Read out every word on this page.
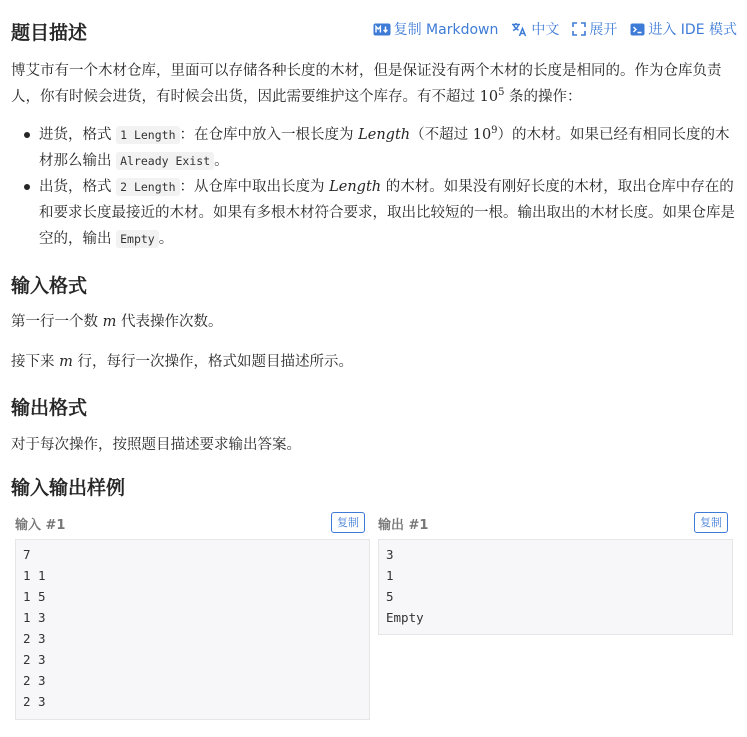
题目描述	复制 Markdown 中文 展开 进入 IDE 模式

博艾市有一个木材仓库，里面可以存储各种长度的木材，但是保证没有两个木材的长度是相同的。作为仓库负责人，你有时候会进货，有时候会出货，因此需要维护这个库存。有不超过 $10^5$ 条的操作：

进货，格式 1 Length ：在仓库中放入一根长度为 Length（不超过 $10^9$）的木材。如果已经有相同长度的木材那么输出 Already Exist 。
出货，格式 2 Length ：从仓库中取出长度为 Length 的木材。如果没有刚好长度的木材，取出仓库中存在的和要求长度最接近的木材。如果有多根木材符合要求，取出比较短的一根。输出取出的木材长度。如果仓库是空的，输出 Empty 。
输入格式

第一行一个数 m 代表操作次数。

接下来 m 行，每行一次操作，格式如题目描述所示。

输出格式

对于每次操作，按照题目描述要求输出答案。

输入输出样例
输入 #1	复制
7
1 1
1 5
1 3
2 3
2 3
2 3
2 3
输出 #1	复制
3
1
5
Empty
